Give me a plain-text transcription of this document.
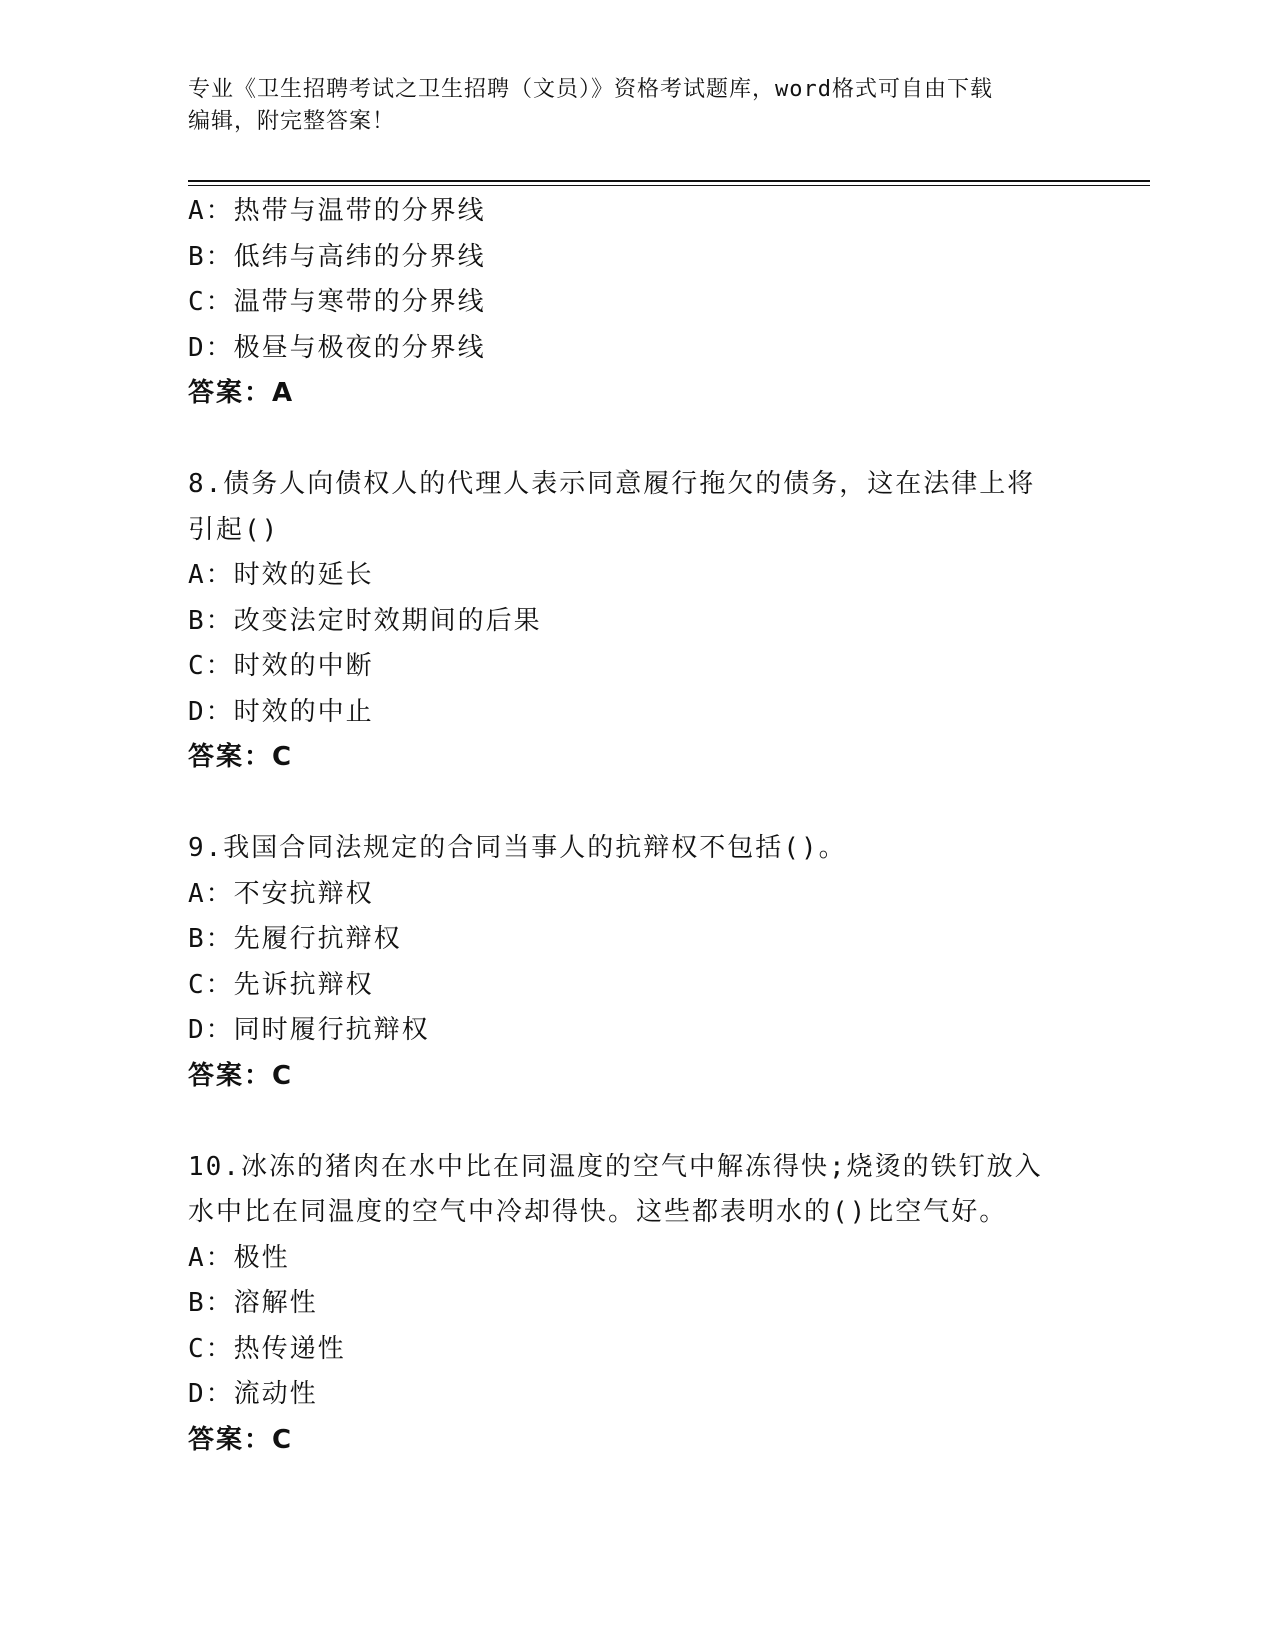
专业《卫生招聘考试之卫生招聘（文员）》资格考试题库，word格式可自由下载
编辑，附完整答案！
A：热带与温带的分界线
B：低纬与高纬的分界线
C：温带与寒带的分界线
D：极昼与极夜的分界线
答案：A
8.债务人向债权人的代理人表示同意履行拖欠的债务，这在法律上将
引起()
A：时效的延长
B：改变法定时效期间的后果
C：时效的中断
D：时效的中止
答案：C
9.我国合同法规定的合同当事人的抗辩权不包括()。
A：不安抗辩权
B：先履行抗辩权
C：先诉抗辩权
D：同时履行抗辩权
答案：C
10.冰冻的猪肉在水中比在同温度的空气中解冻得快;烧烫的铁钉放入
水中比在同温度的空气中冷却得快。这些都表明水的()比空气好。
A：极性
B：溶解性
C：热传递性
D：流动性
答案：C
